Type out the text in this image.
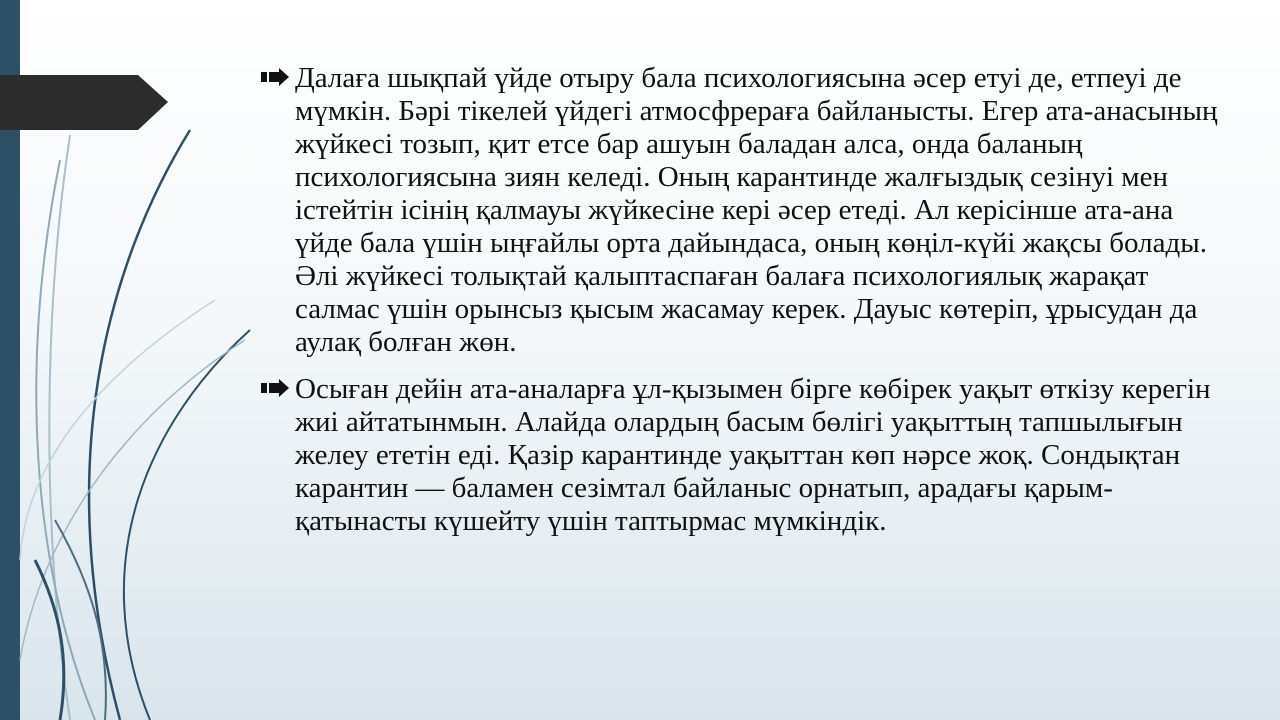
Далаға шықпай үйде отыру бала психологиясына әсер етуі де, етпеуі де мүмкін. Бәрі тікелей үйдегі атмосфрераға байланысты. Егер ата-анасының жүйкесі тозып, қит етсе бар ашуын баладан алса, онда баланың психологиясына зиян келеді. Оның карантинде жалғыздық сезінуі мен істейтін ісінің қалмауы жүйкесіне кері әсер етеді. Ал керісінше ата-ана үйде бала үшін ыңғайлы орта дайындаса, оның көңіл-күйі жақсы болады. Әлі жүйкесі толықтай қалыптаспаған балаға психологиялық жарақат салмас үшін орынсыз қысым жасамау керек. Дауыс көтеріп, ұрысудан да аулақ болған жөн.
Осыған дейін ата-аналарға ұл-қызымен бірге көбірек уақыт өткізу керегін жиі айтатынмын. Алайда олардың басым бөлігі уақыттың тапшылығын желеу ететін еді. Қазір карантинде уақыттан көп нәрсе жоқ. Сондықтан карантин — баламен сезімтал байланыс орнатып, арадағы қарым-қатынасты күшейту үшін таптырмас мүмкіндік.
